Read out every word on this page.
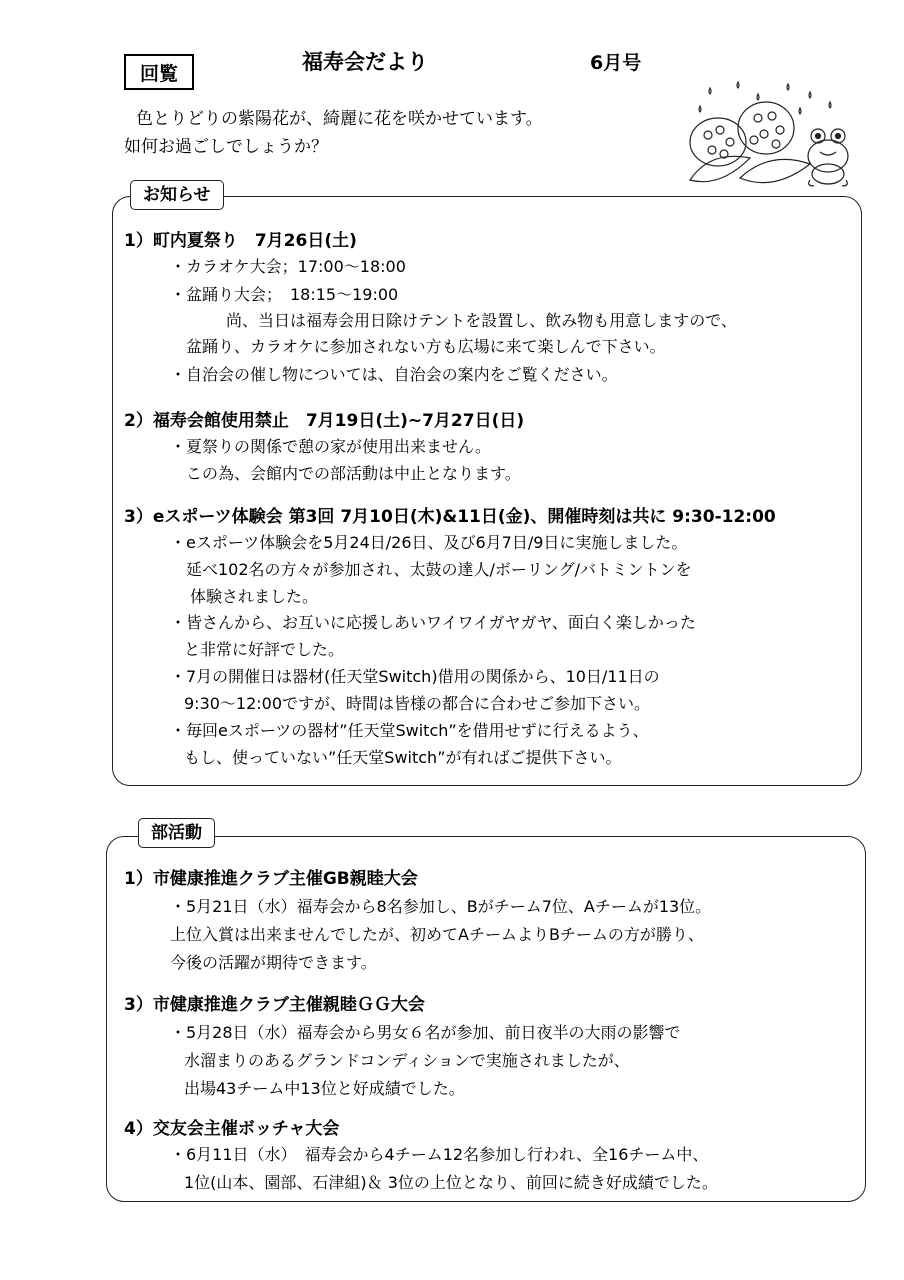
回覧	福寿会だより	6月号
色とりどりの紫陽花が、綺麗に花を咲かせています。
如何お過ごしでしょうか？
お知らせ
1）町内夏祭り　7月26日(土)
・カラオケ大会；17:00～18:00
・盆踊り大会；　18:15～19:00
尚、当日は福寿会用日除けテントを設置し、飲み物も用意しますので、
盆踊り、カラオケに参加されない方も広場に来て楽しんで下さい。
・自治会の催し物については、自治会の案内をご覧ください。
2）福寿会館使用禁止　7月19日(土)~7月27日(日)
・夏祭りの関係で憩の家が使用出来ません。
この為、会館内での部活動は中止となります。
3）eスポーツ体験会 第3回 7月10日(木)&11日(金)、開催時刻は共に 9:30-12:00
・eスポーツ体験会を5月24日/26日、及び6月7日/9日に実施しました。
延べ102名の方々が参加され、太鼓の達人/ボーリング/バトミントンを
体験されました。
・皆さんから、お互いに応援しあいワイワイガヤガヤ、面白く楽しかった
と非常に好評でした。
・7月の開催日は器材(任天堂Switch)借用の関係から、10日/11日の
9:30～12:00ですが、時間は皆様の都合に合わせご参加下さい。
・毎回eスポーツの器材”任天堂Switch”を借用せずに行えるよう、
もし、使っていない”任天堂Switch”が有ればご提供下さい。
部活動
1）市健康推進クラブ主催GB親睦大会
・5月21日（水）福寿会から8名参加し、Bがチーム7位、Aチームが13位。
上位入賞は出来ませんでしたが、初めてAチームよりBチームの方が勝り、
今後の活躍が期待できます。
3）市健康推進クラブ主催親睦ＧＧ大会
・5月28日（水）福寿会から男女６名が参加、前日夜半の大雨の影響で
水溜まりのあるグランドコンディションで実施されましたが、
出場43チーム中13位と好成績でした。
4）交友会主催ボッチャ大会
・6月11日（水）　福寿会から4チーム12名参加し行われ、全16チーム中、
1位(山本、園部、石津組)＆ 3位の上位となり、前回に続き好成績でした。
